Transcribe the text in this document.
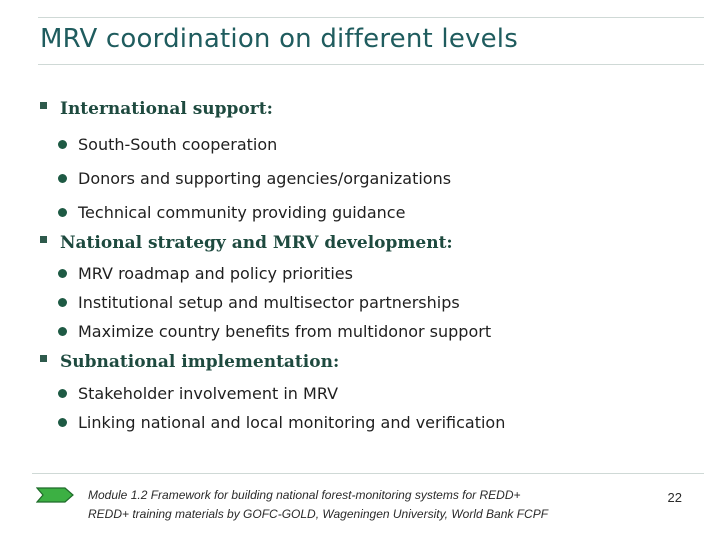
MRV coordination on different levels
International support:
South-South cooperation
Donors and supporting agencies/organizations
Technical community providing guidance
National strategy and MRV development:
MRV roadmap and policy priorities
Institutional setup and multisector partnerships
Maximize country benefits from multidonor support
Subnational implementation:
Stakeholder involvement in MRV
Linking national and local monitoring and verification
Module 1.2 Framework for building national forest-monitoring systems for REDD+
REDD+ training materials by GOFC-GOLD, Wageningen University, World Bank FCPF
22
